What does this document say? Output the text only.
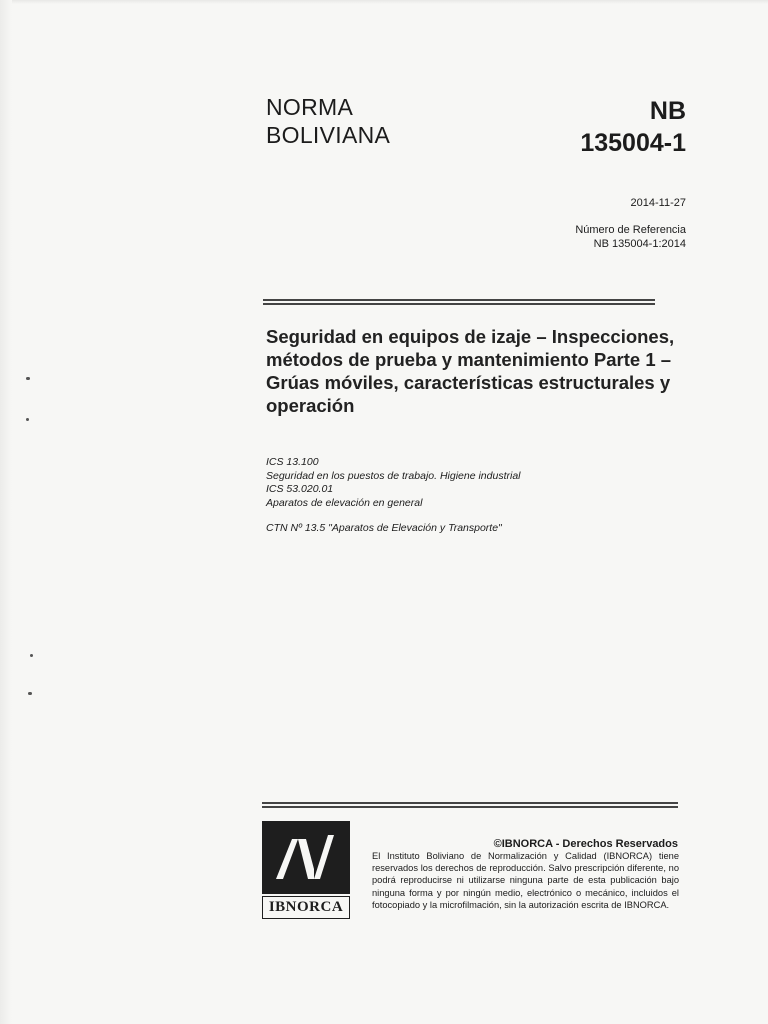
NORMA
BOLIVIANA
NB
135004-1
2014-11-27
Número de Referencia
NB 135004-1:2014
Seguridad en equipos de izaje – Inspecciones, métodos de prueba y mantenimiento Parte 1 – Grúas móviles, características estructurales y operación
ICS 13.100
Seguridad en los puestos de trabajo. Higiene industrial
ICS 53.020.01
Aparatos de elevación en general
CTN Nº 13.5 "Aparatos de Elevación y Transporte"
IBNORCA
©IBNORCA - Derechos Reservados
El Instituto Boliviano de Normalización y Calidad (IBNORCA) tiene reservados los derechos de reproducción. Salvo prescripción diferente, no podrá reproducirse ni utilizarse ninguna parte de esta publicación bajo ninguna forma y por ningún medio, electrónico o mecánico, incluidos el fotocopiado y la microfilmación, sin la autorización escrita de IBNORCA.
